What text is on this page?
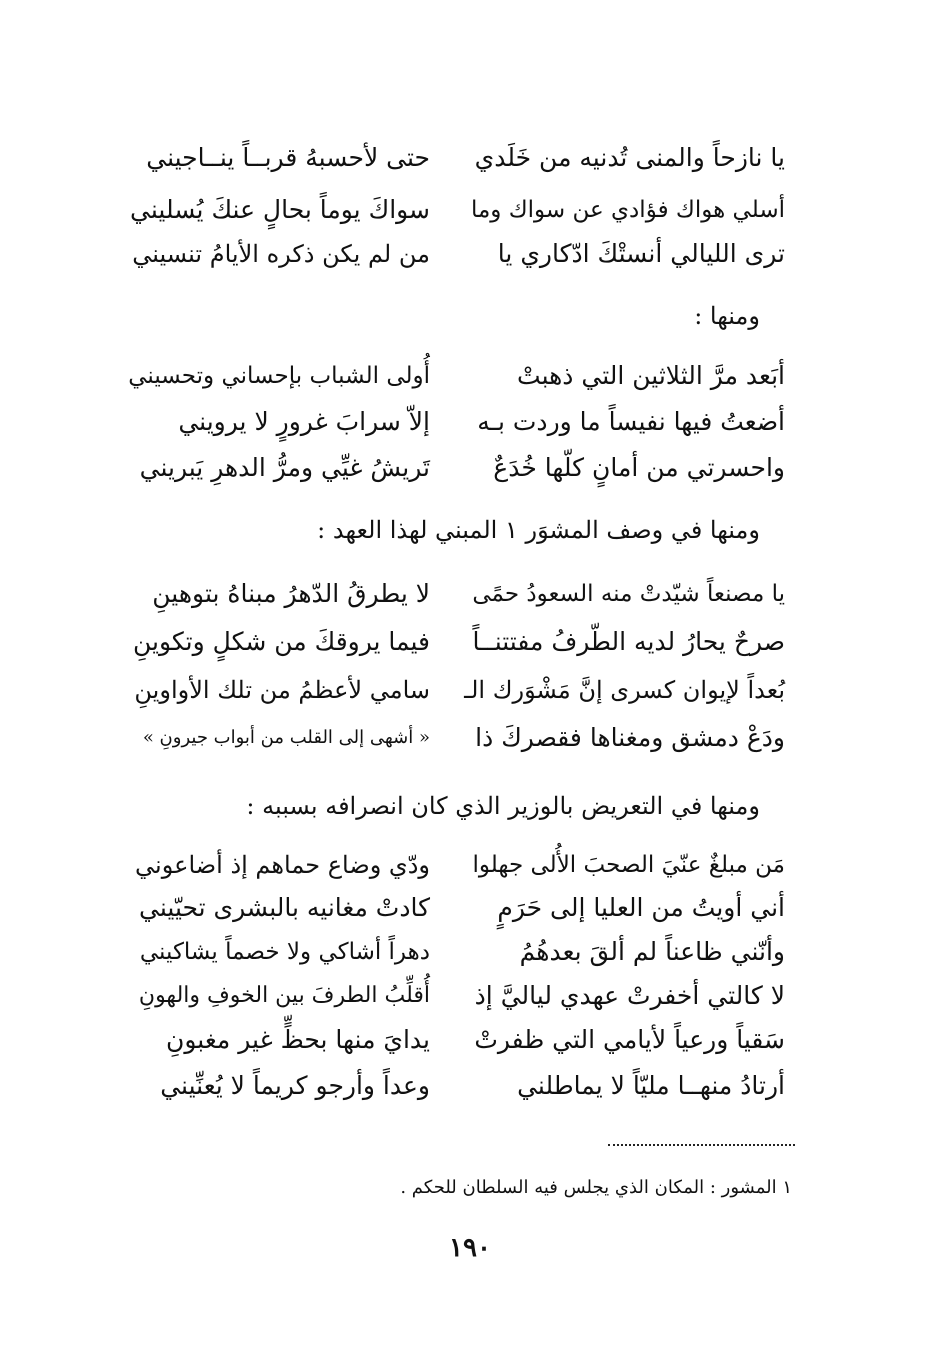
يا نازحاً والمنى تُدنيه من خَلَدي
حتى لأحسبهُ قربــاً ينــاجيني
أسلي هواك فؤادي عن سواك وما
سواكَ يوماً بحالٍ عنكَ يُسليني
ترى الليالي أنستْكَ ادّكاري يا
من لم يكن ذكره الأيامُ تنسيني
ومنها :
أبَعد مرَّ الثلاثين التي ذهبتْ
أُولى الشباب بإحساني وتحسيني
أضعتُ فيها نفيساً ما وردت بـه
إلاّ سرابَ غرورٍ لا يرويني
واحسرتي من أمانٍ كلّها خُدَعٌ
تَريشُ غيِّي ومرُّ الدهرِ يَبريني
ومنها في وصف المشوَر ١ المبني لهذا العهد :
يا مصنعاً شيّدتْ منه السعودُ حمًى
لا يطرقُ الدّهرُ مبناهُ بتوهينِ
صرحٌ يحارُ لديه الطّرفُ مفتتنــاً
فيما يروقكَ من شكلٍ وتكوينِ
بُعداً لإيوان كسرى إنَّ مَشْوَرك الـ
سامي لأعظمُ من تلك الأواوينِ
ودَعْ دمشق ومغناها فقصركَ ذا
« أشهى إلى القلب من أبواب جيرونِ »
ومنها في التعريض بالوزير الذي كان انصرافه بسببه :
مَن مبلغٌ عنّيَ الصحبَ الأُلى جهلوا
ودّي وضاع حماهم إذ أضاعوني
أني أويتُ من العليا إلى حَرَمٍ
كادتْ مغانيه بالبشرى تحيّيني
وأنّني ظاعناً لم ألقَ بعدهُمُ
دهراً أشاكي ولا خصماً يشاكيني
لا كالتي أخفرتْ عهدي لياليَّ إذ
أُقلِّبُ الطرفَ بين الخوفِ والهونِ
سَقياً ورعياً لأيامي التي ظفرتْ
يدايَ منها بحظٍّ غير مغبونِ
أرتادُ منهــا مليّاً لا يماطلني
وعداً وأرجو كريماً لا يُعنِّيني
١ المشور : المكان الذي يجلس فيه السلطان للحكم .
١٩٠
